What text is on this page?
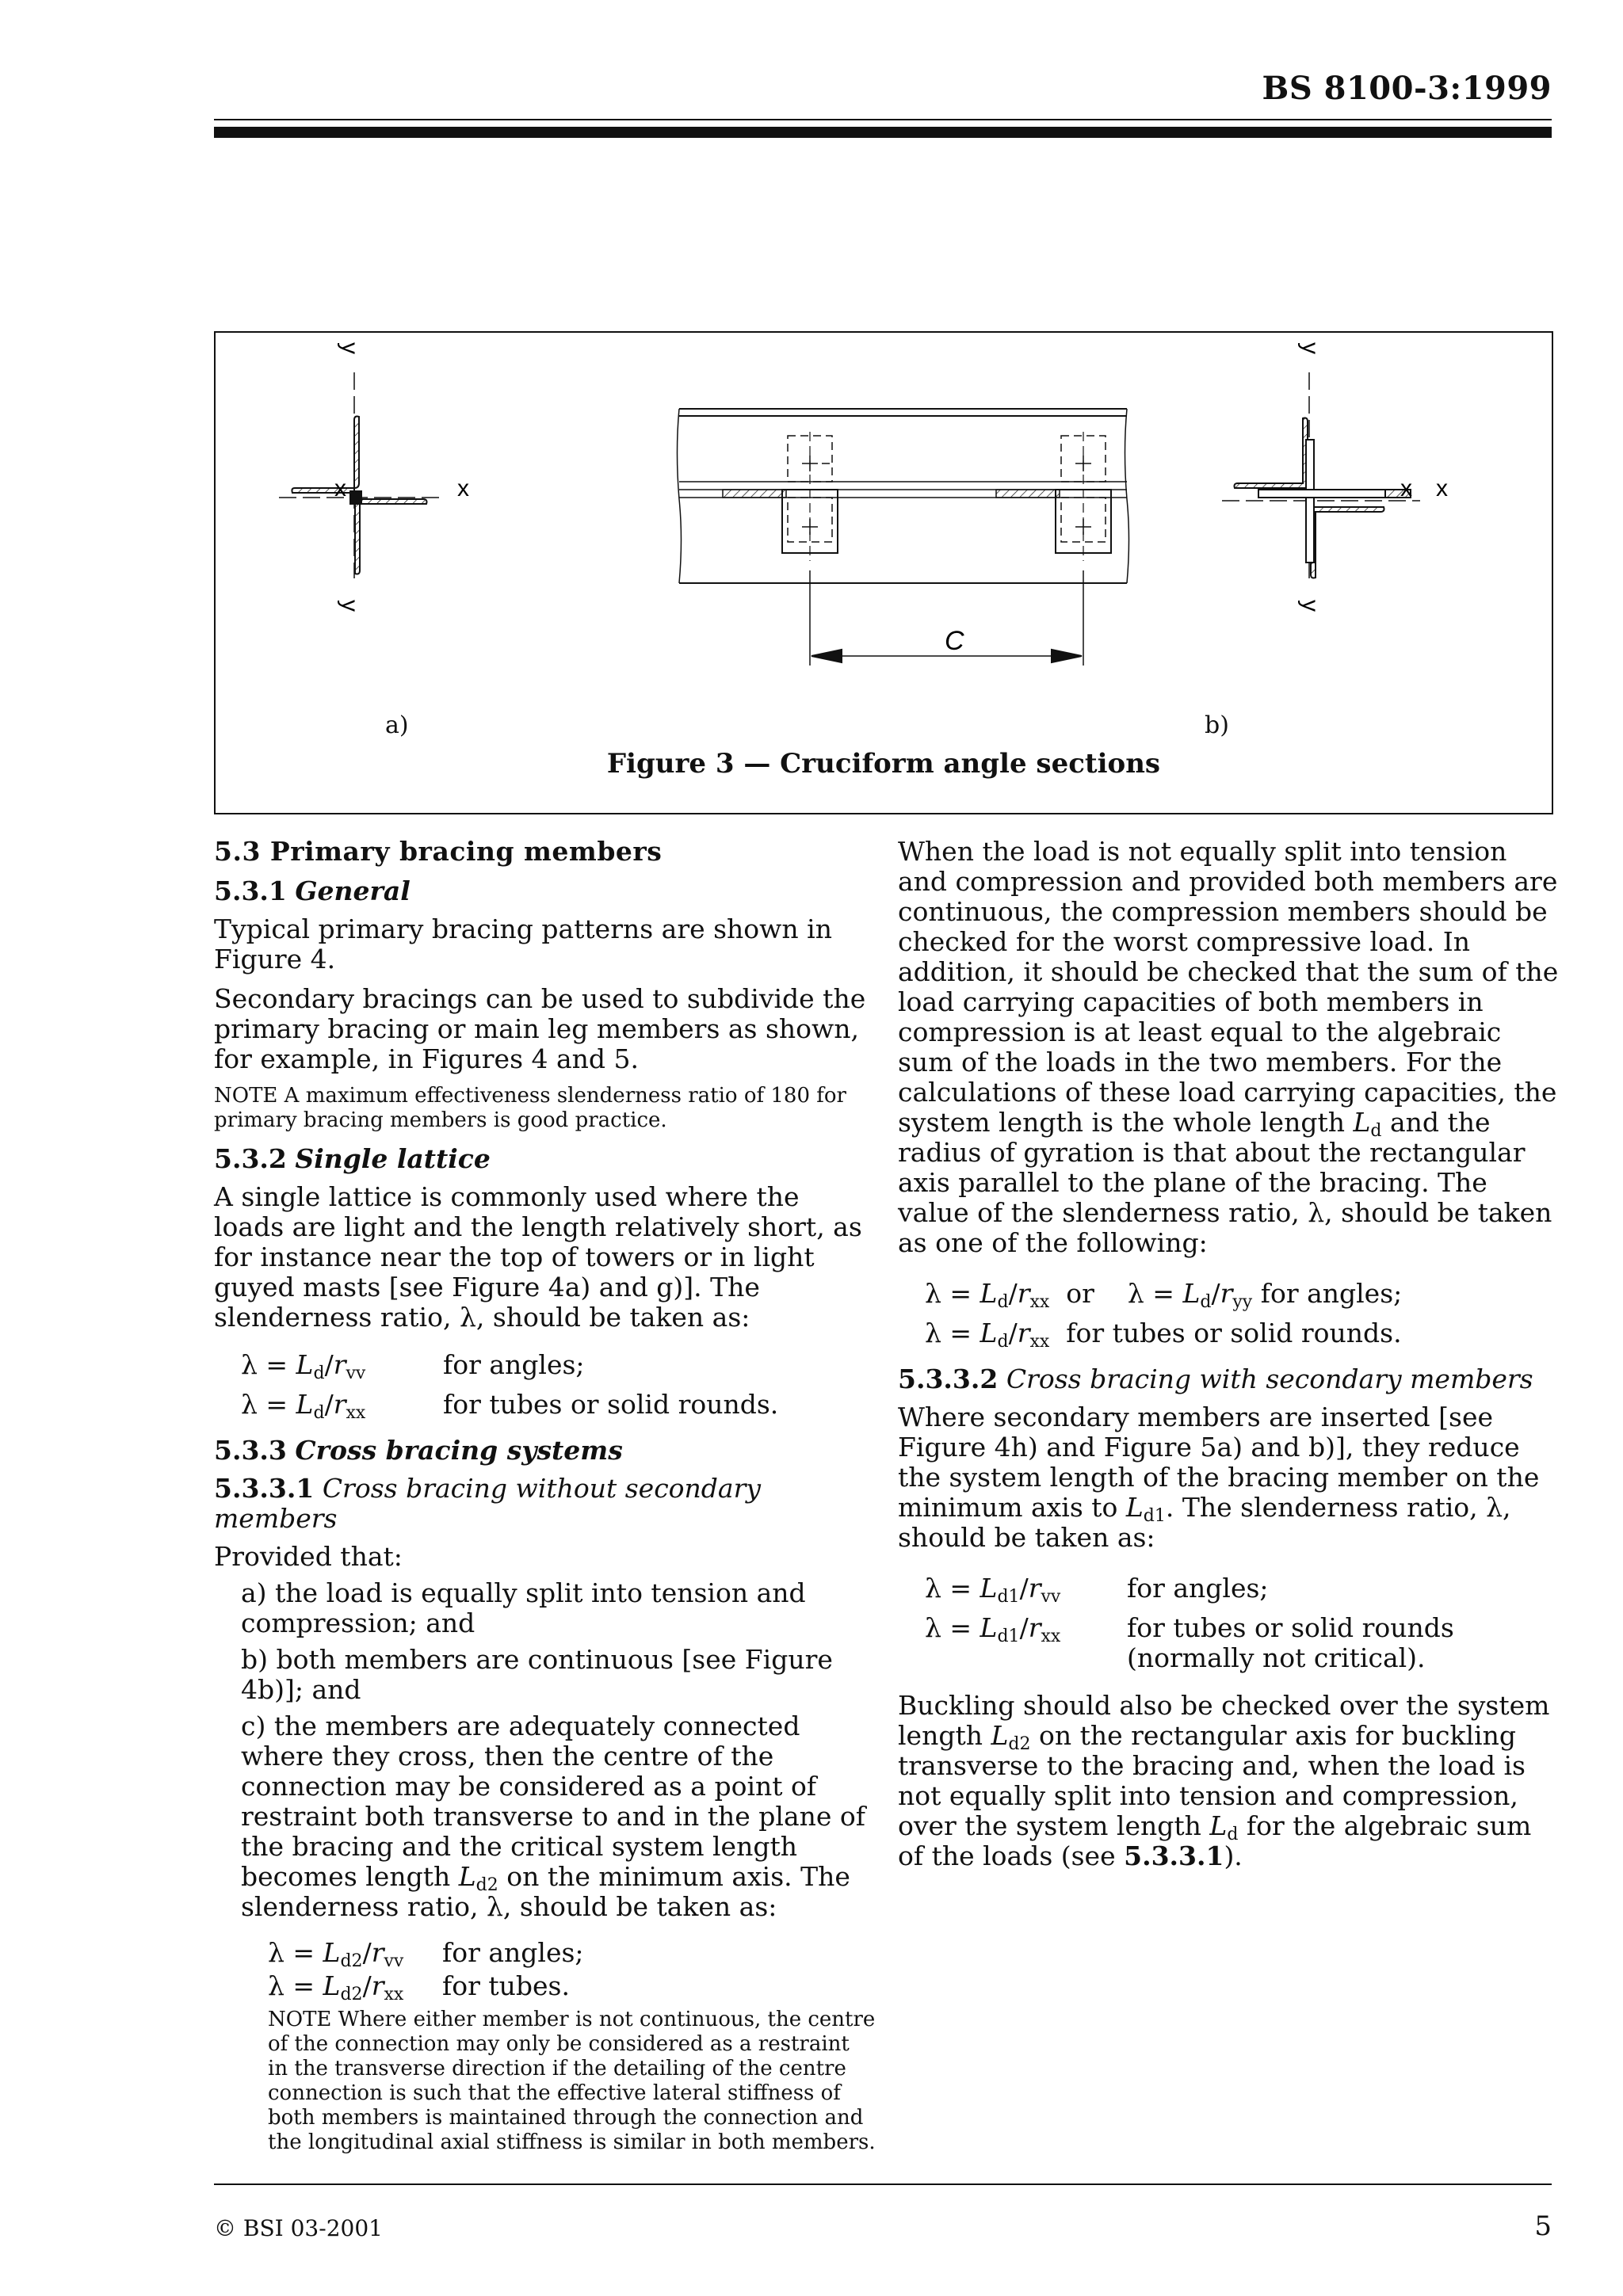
BS 8100-3:1999
x
x
y
y
C
x x
y
y
a)	b)
Figure 3 — Cruciform angle sections
5.3 Primary bracing members
5.3.1 General

Typical primary bracing patterns are shown in Figure 4.

Secondary bracings can be used to subdivide the primary bracing or main leg members as shown, for example, in Figures 4 and 5.

NOTE A maximum effectiveness slenderness ratio of 180 for primary bracing members is good practice.

5.3.2 Single lattice

A single lattice is commonly used where the loads are light and the length relatively short, as for instance near the top of towers or in light guyed masts [see Figure 4a) and g)]. The slenderness ratio, λ, should be taken as:

$\lambda = L_d/r_{vv}$	for angles;
$\lambda = L_d/r_{xx}$	for tubes or solid rounds.
5.3.3 Cross bracing systems
5.3.3.1 Cross bracing without secondary members

Provided that:

a) the load is equally split into tension and compression; and
b) both members are continuous [see Figure 4b)]; and
c) the members are adequately connected where they cross, then the centre of the connection may be considered as a point of restraint both transverse to and in the plane of the bracing and the critical system length becomes length $L_{d2}$ on the minimum axis. The slenderness ratio, λ, should be taken as:
$\lambda = L_{d2}/r_{vv}$	for angles;
$\lambda = L_{d2}/r_{xx}$	for tubes.

NOTE Where either member is not continuous, the centre of the connection may only be considered as a restraint in the transverse direction if the detailing of the centre connection is such that the effective lateral stiffness of both members is maintained through the connection and the longitudinal axial stiffness is similar in both members.

When the load is not equally split into tension and compression and provided both members are continuous, the compression members should be checked for the worst compressive load. In addition, it should be checked that the sum of the load carrying capacities of both members in compression is at least equal to the algebraic sum of the loads in the two members. For the calculations of these load carrying capacities, the system length is the whole length $L_d$ and the radius of gyration is that about the rectangular axis parallel to the plane of the bracing. The value of the slenderness ratio, λ, should be taken as one of the following:

$\lambda = L_d/r_{xx}$ or    $\lambda = L_d/r_{yy}$ for angles;
$\lambda = L_d/r_{xx}$ for tubes or solid rounds.
5.3.3.2 Cross bracing with secondary members

Where secondary members are inserted [see Figure 4h) and Figure 5a) and b)], they reduce the system length of the bracing member on the minimum axis to $L_{d1}$. The slenderness ratio, λ, should be taken as:

$\lambda = L_{d1}/r_{vv}$	for angles;
$\lambda = L_{d1}/r_{xx}$	for tubes or solid rounds (normally not critical).

Buckling should also be checked over the system length $L_{d2}$ on the rectangular axis for buckling transverse to the bracing and, when the load is not equally split into tension and compression, over the system length $L_d$ for the algebraic sum of the loads (see 5.3.3.1).

© BSI 03-2001	5
